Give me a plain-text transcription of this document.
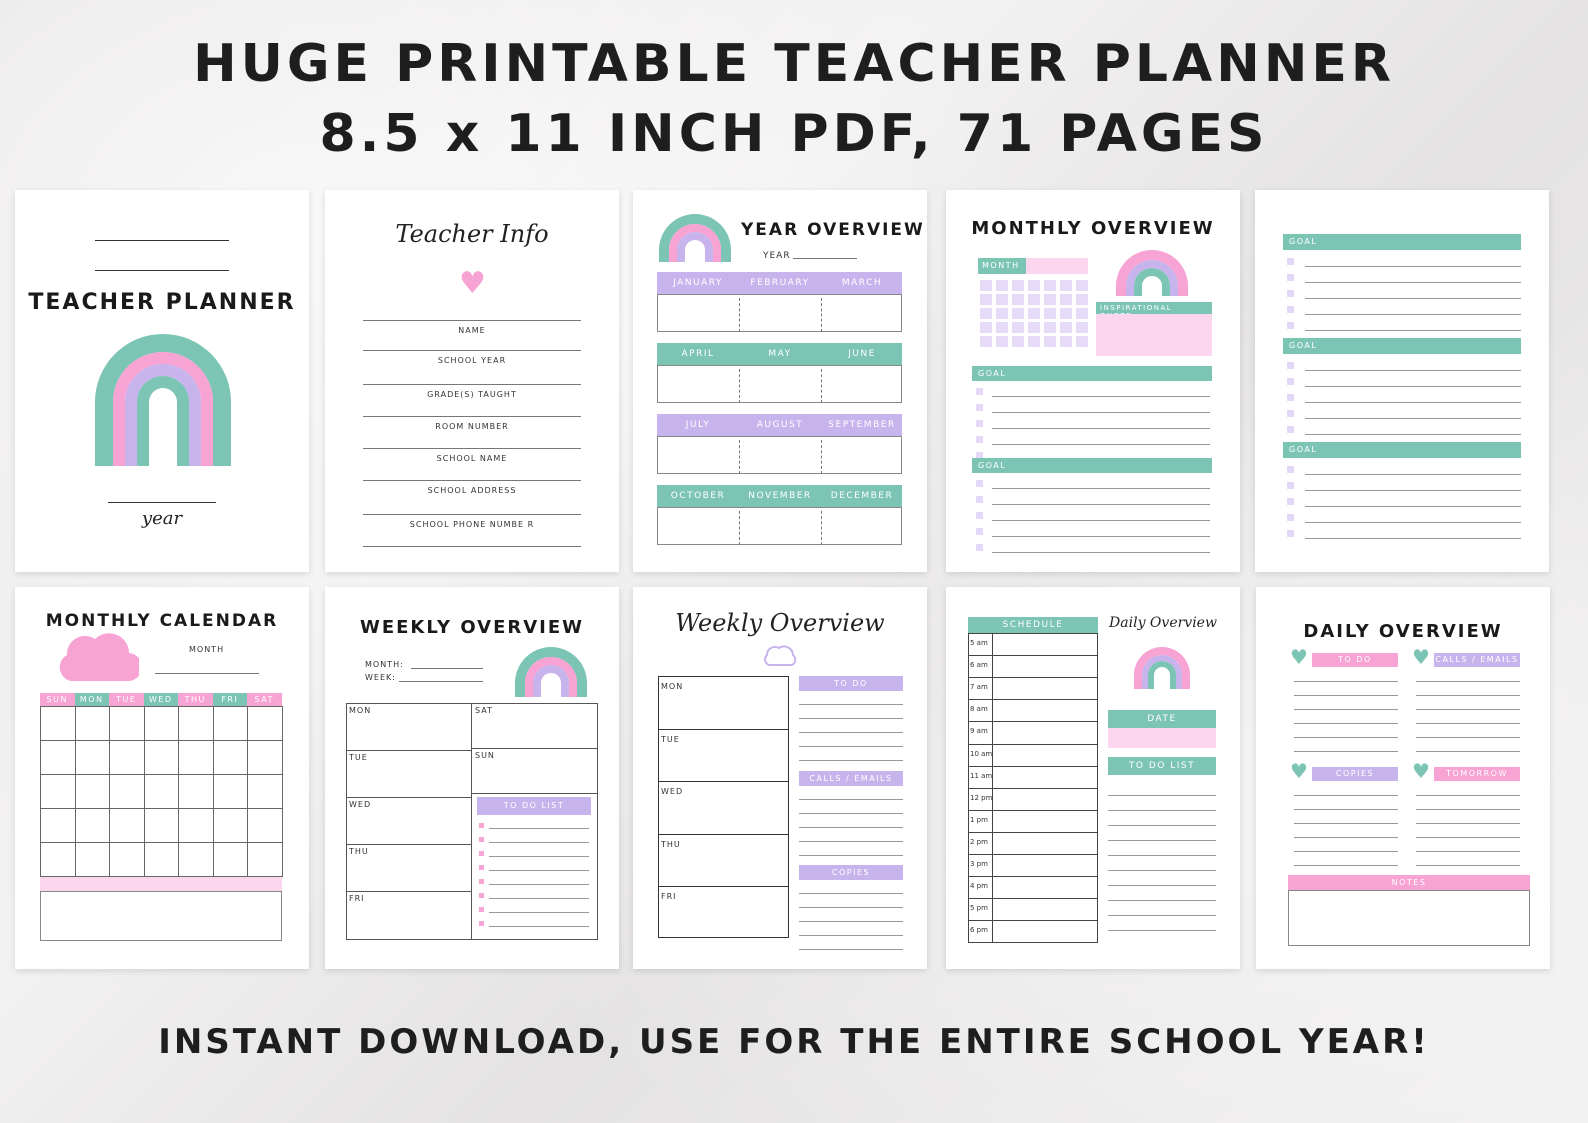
HUGE PRINTABLE TEACHER PLANNER
8.5 x 11 INCH PDF, 71 PAGES
INSTANT DOWNLOAD, USE FOR THE ENTIRE SCHOOL YEAR!
TEACHER PLANNER
year
Teacher Info
♥
NAME
SCHOOL YEAR
GRADE(S) TAUGHT
ROOM NUMBER
SCHOOL NAME
SCHOOL ADDRESS
SCHOOL PHONE NUMBE R
YEAR OVERVIEW
YEAR
JANUARY	FEBRUARY	MARCH
APRIL	MAY	JUNE
JULY	AUGUST	SEPTEMBER
OCTOBER	NOVEMBER	DECEMBER
MONTHLY OVERVIEW
MONTH
INSPIRATIONAL
GOAL
GOAL
GOAL
GOAL
GOAL
MONTHLY CALENDAR
MONTH
SUN	MON	TUE	WED	THU	FRI	SAT
WEEKLY OVERVIEW
MONTH:
WEEK:
MON
TUE
WED
THU
FRI
SAT
SUN
TO DO LIST
Weekly Overview
MON
TUE
WED
THU
FRI
TO DO
CALLS / EMAILS
COPIES
SCHEDULE
5 am
6 am
7 am
8 am
9 am
10 am
11 am
12 pm
1 pm
2 pm
3 pm
4 pm
5 pm
6 pm
Daily Overview
DATE
TO DO LIST
DAILY OVERVIEW
♥	TO DO	♥ CALLS / EMAILS
♥	COPIES	♥	TOMORROW
NOTES
